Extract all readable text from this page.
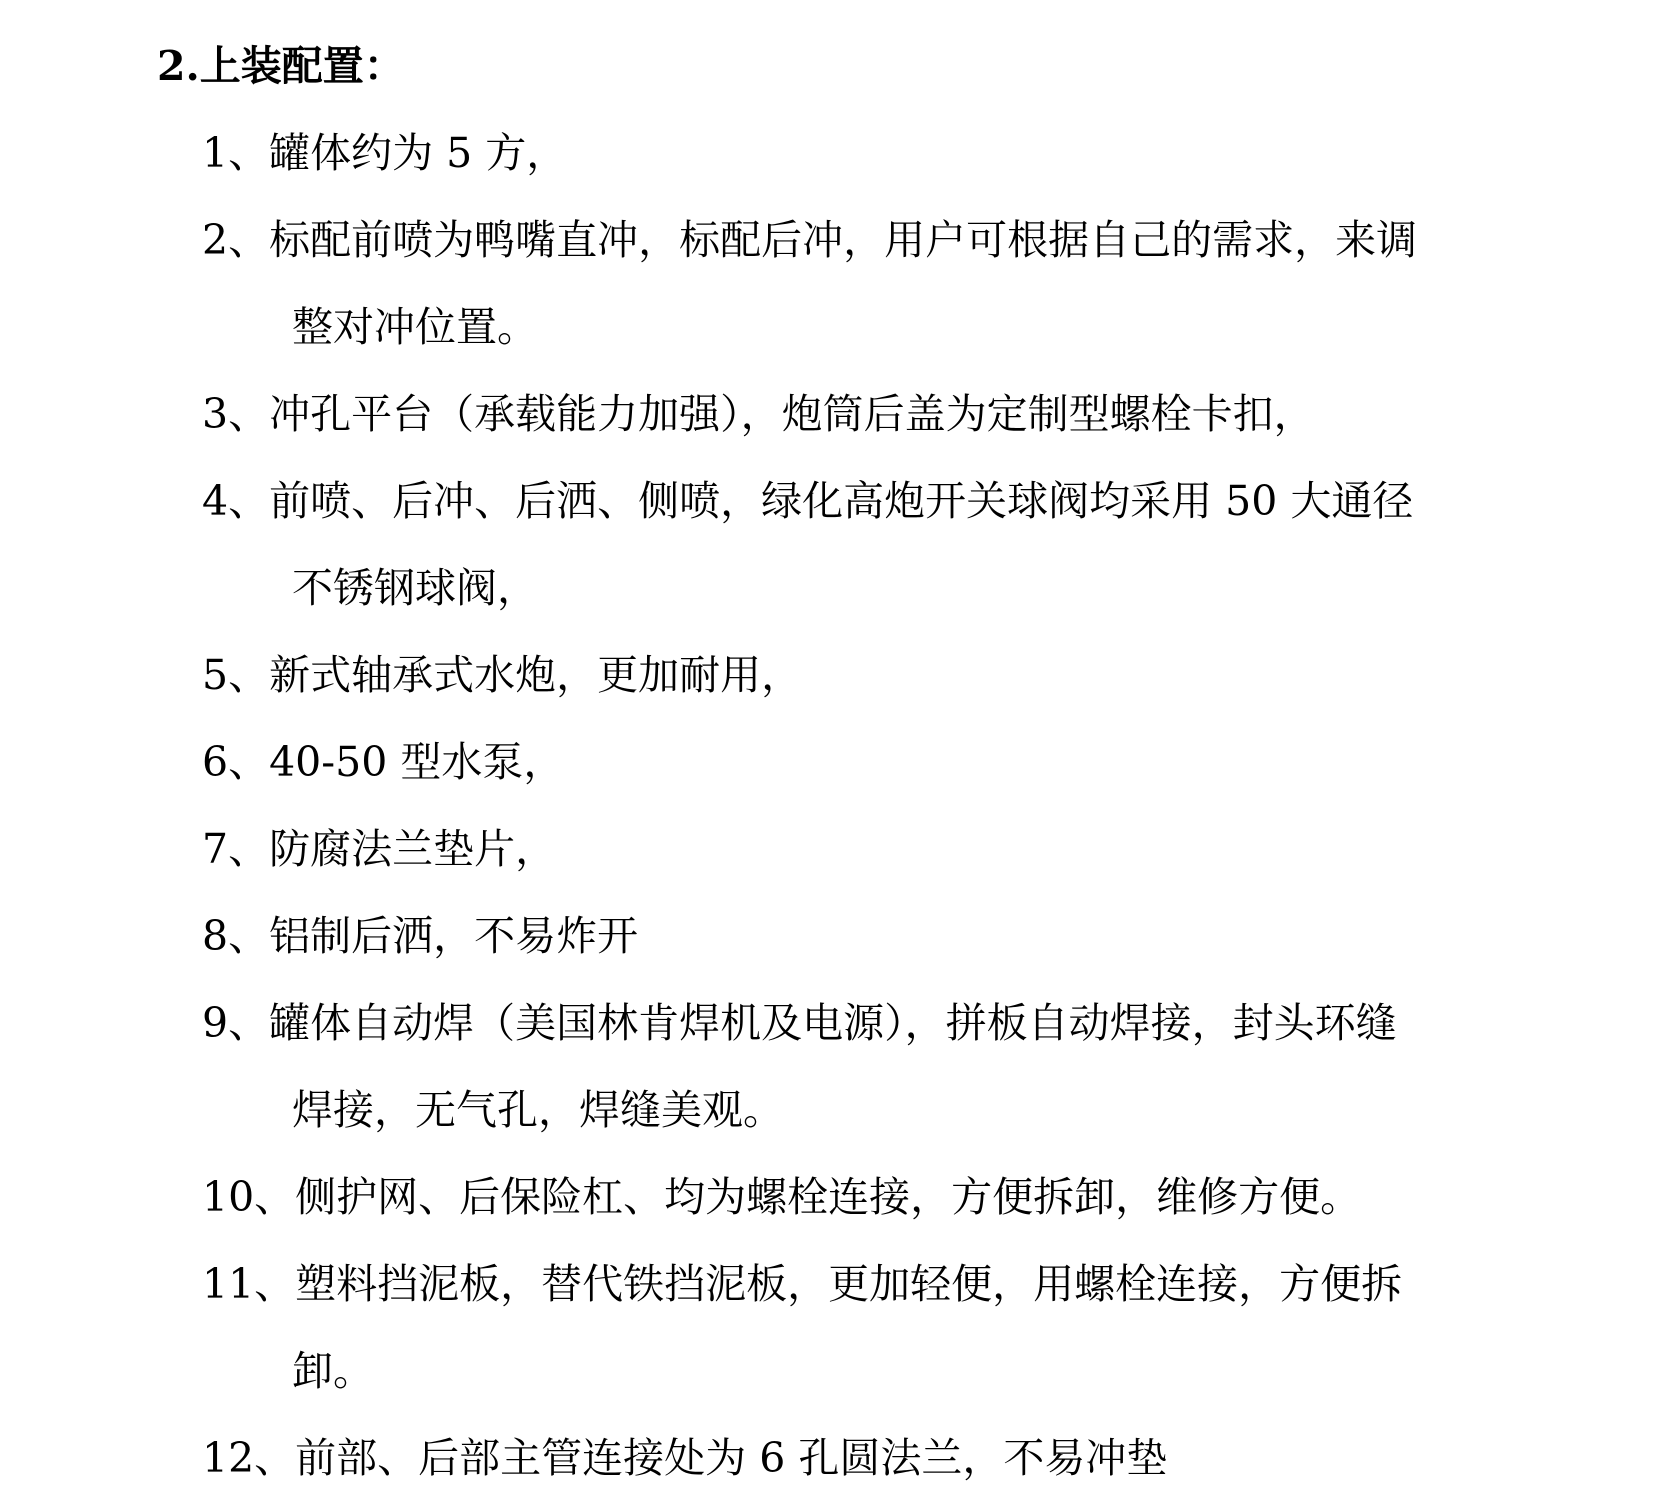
2.上装配置：
1、罐体约为 5 方，
2、标配前喷为鸭嘴直冲，标配后冲，用户可根据自己的需求，来调
整对冲位置。
3、冲孔平台（承载能力加强），炮筒后盖为定制型螺栓卡扣，
4、前喷、后冲、后洒、侧喷，绿化高炮开关球阀均采用 50 大通径
不锈钢球阀，
5、新式轴承式水炮，更加耐用，
6、40-50 型水泵，
7、防腐法兰垫片，
8、铝制后洒，不易炸开
9、罐体自动焊（美国林肯焊机及电源），拼板自动焊接，封头环缝
焊接，无气孔，焊缝美观。
10、侧护网、后保险杠、均为螺栓连接，方便拆卸，维修方便。
11、塑料挡泥板，替代铁挡泥板，更加轻便，用螺栓连接，方便拆
卸。
12、前部、后部主管连接处为 6 孔圆法兰，不易冲垫
